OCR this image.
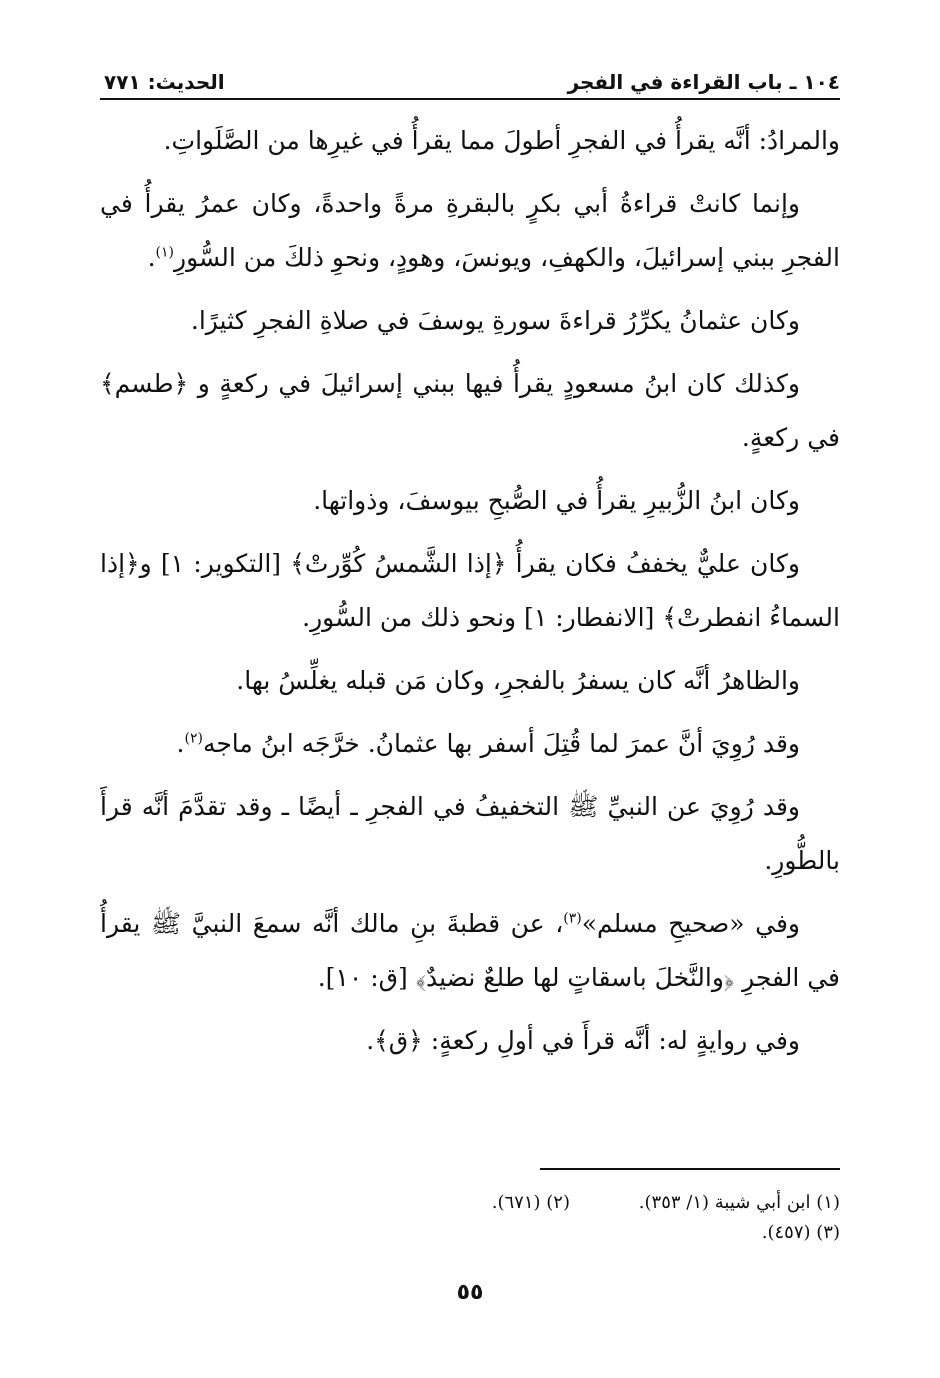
١٠٤ ـ باب القراءة في الفجر
الحديث: ٧٧١

والمرادُ: أنَّه يقرأُ في الفجرِ أطولَ مما يقرأُ في غيرِها من الصَّلَواتِ.

وإنما كانتْ قراءةُ أبي بكرٍ بالبقرةِ مرةً واحدةً، وكان عمرُ يقرأُ في الفجرِ ببني إسرائيلَ، والكهفِ، ويونسَ، وهودٍ، ونحوِ ذلكَ من السُّورِ$^{(١)}$.

وكان عثمانُ يكرِّرُ قراءةَ سورةِ يوسفَ في صلاةِ الفجرِ كثيرًا.

وكذلك كان ابنُ مسعودٍ يقرأُ فيها ببني إسرائيلَ في ركعةٍ و ﴿طسم﴾ في ركعةٍ.

وكان ابنُ الزُّبيرِ يقرأُ في الصُّبحِ بيوسفَ، وذواتها.

وكان عليٌّ يخففُ فكان يقرأُ ﴿إذا الشَّمسُ كُوِّرتْ﴾ [التكوير: ١] و﴿إذا السماءُ انفطرتْ﴾ [الانفطار: ١] ونحو ذلك من السُّورِ.

والظاهرُ أنَّه كان يسفرُ بالفجرِ، وكان مَن قبله يغلِّسُ بها.

وقد رُوِيَ أنَّ عمرَ لما قُتِلَ أسفر بها عثمانُ. خرَّجَه ابنُ ماجه$^{(٢)}$.

وقد رُوِيَ عن النبيِّ ﷺ التخفيفُ في الفجرِ ـ أيضًا ـ وقد تقدَّمَ أنَّه قرأَ بالطُّورِ.

وفي «صحيحِ مسلم»$^{(٣)}$، عن قطبةَ بنِ مالك أنَّه سمعَ النبيَّ ﷺ يقرأُ في الفجرِ ﴿والنَّخلَ باسقاتٍ لها طلعٌ نضيدٌ﴾ [ق: ١٠].

وفي روايةٍ له: أنَّه قرأَ في أولِ ركعةٍ: ﴿ق﴾.

(١) ابن أبي شيبة (١/ ٣٥٣).
(٢) (٦٧١).
(٣) (٤٥٧).
٥٥
